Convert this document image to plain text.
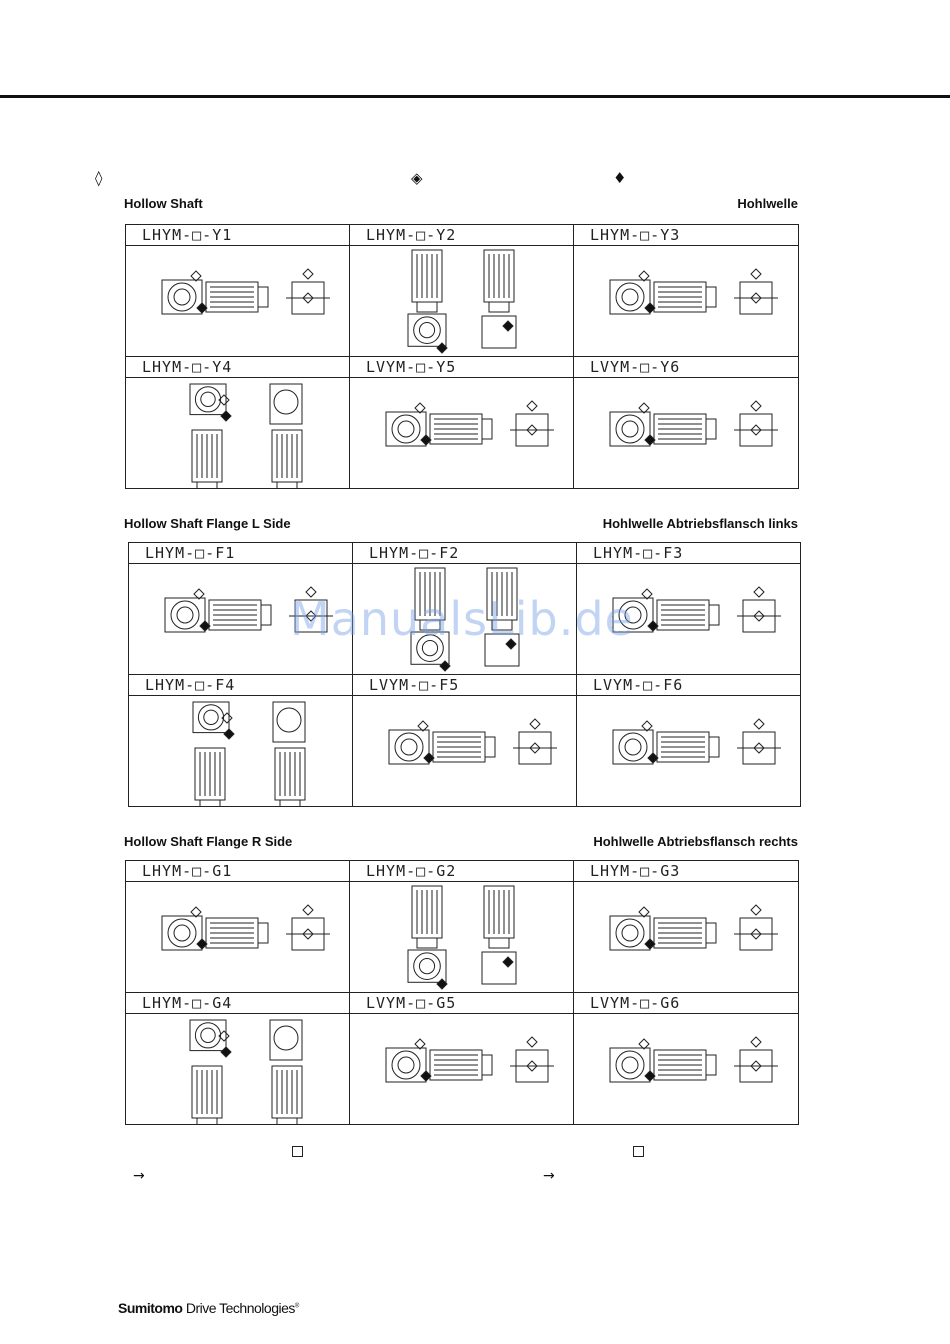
◊	◈	♦
Hollow Shaft	Hohlwelle
LHYM-□-Y1	LHYM-□-Y2	LHYM-□-Y3

LHYM-□-Y4	LVYM-□-Y5	LVYM-□-Y6

Hollow Shaft Flange L Side	Hohlwelle Abtriebsflansch links
LHYM-□-F1	LHYM-□-F2	LHYM-□-F3

LHYM-□-F4	LVYM-□-F5	LVYM-□-F6

Hollow Shaft Flange R Side	Hohlwelle Abtriebsflansch rechts
LHYM-□-G1	LHYM-□-G2	LHYM-□-G3

LHYM-□-G4	LVYM-□-G5	LVYM-□-G6

ManualsLib.de
→	→
Sumitomo Drive Technologies®
